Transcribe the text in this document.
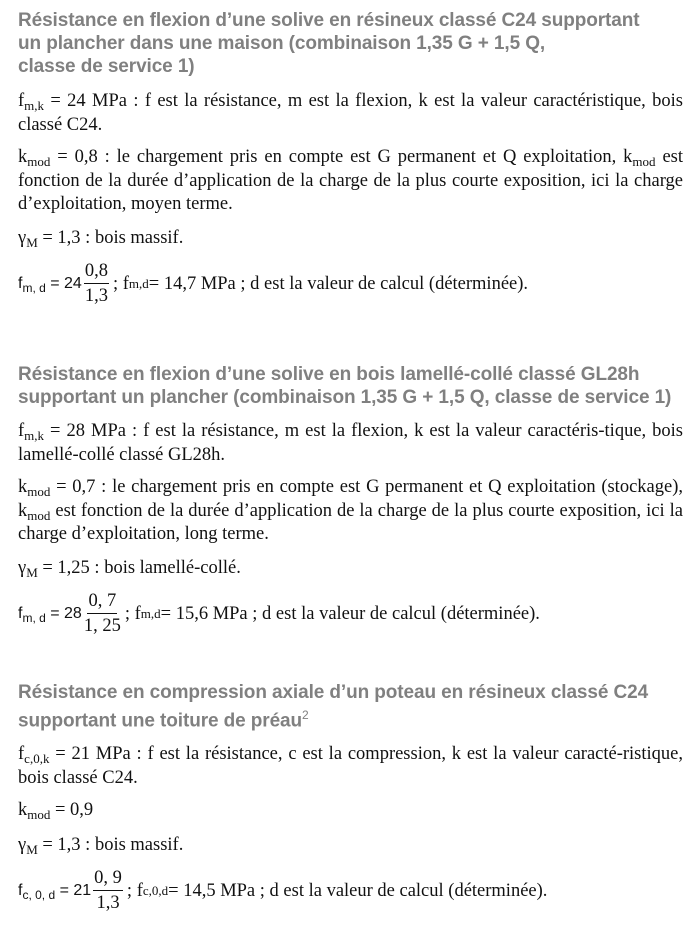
Résistance en flexion d’une solive en résineux classé C24 supportant
un plancher dans une maison (combinaison 1,35 G + 1,5 Q,
classe de service 1)

$f_{m,k} = 24$ MPa : f est la résistance, m est la flexion, k est la valeur caractéristique, bois classé C24.

$k_{mod} = 0,8$ : le chargement pris en compte est G permanent et Q exploitation, $k_{mod}$ est fonction de la durée d’application de la charge de la plus courte exposition, ici la charge d’exploitation, moyen terme.

$\gamma_M = 1,3$ : bois massif.

$f_{m, d} = 24 \frac{0,8}{1,3}$ ;
f m,d = 14,7 MPa ; d est la valeur de calcul (déterminée).
Résistance en flexion d’une solive en bois lamellé-collé classé GL28h
supportant un plancher (combinaison 1,35 G + 1,5 Q, classe de service 1)

$f_{m,k} = 28$ MPa : f est la résistance, m est la flexion, k est la valeur caractéris-tique, bois lamellé-collé classé GL28h.

$k_{mod} = 0,7$ : le chargement pris en compte est G permanent et Q exploitation (stockage), $k_{mod}$ est fonction de la durée d’application de la charge de la plus courte exposition, ici la charge d’exploitation, long terme.

$\gamma_M = 1,25$ : bois lamellé-collé.

$f_{m, d} = 28 \frac{0, 7}{1, 25}$ ;
f m,d = 15,6 MPa ; d est la valeur de calcul (déterminée).
Résistance en compression axiale d’un poteau en résineux classé C24
supportant une toiture de préau$^2$

$f_{c,0,k} = 21$ MPa : f est la résistance, c est la compression, k est la valeur caracté-ristique, bois classé C24.

$k_{mod} = 0,9$

$\gamma_M = 1,3$ : bois massif.

$f_{c, 0, d} = 21 \frac{0, 9}{1,3}$ ;
f c,0,d = 14,5 MPa ; d est la valeur de calcul (déterminée).
